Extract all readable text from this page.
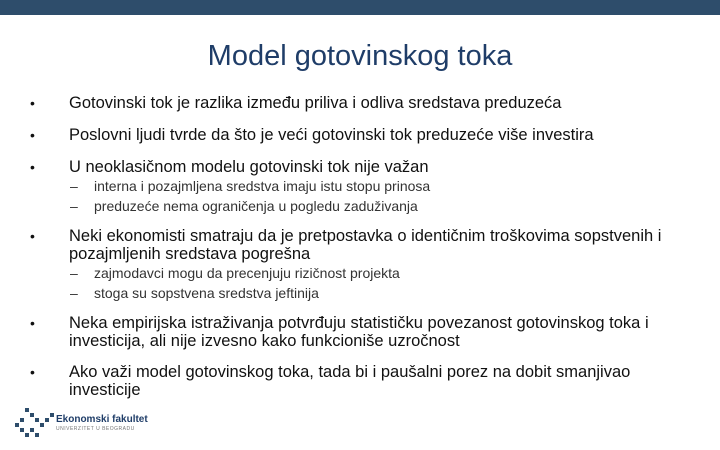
Model gotovinskog toka
• Gotovinski tok je razlika između priliva i odliva sredstava preduzeća
• Poslovni ljudi tvrde da što je veći gotovinski tok preduzeće više investira
• U neoklasičnom modelu gotovinski tok nije važan
– interna i pozajmljena sredstva imaju istu stopu prinosa
– preduzeće nema ograničenja u pogledu zaduživanja
• Neki ekonomisti smatraju da je pretpostavka o identičnim troškovima sopstvenih i pozajmljenih sredstava pogrešna
– zajmodavci mogu da precenjuju rizičnost projekta
– stoga su sopstvena sredstva jeftinija
• Neka empirijska istraživanja potvrđuju statističku povezanost gotovinskog toka i investicija, ali nije izvesno kako funkcioniše uzročnost
• Ako važi model gotovinskog toka, tada bi i paušalni porez na dobit smanjivao investicije
Ekonomski fakultet
UNIVERZITET U BEOGRADU
